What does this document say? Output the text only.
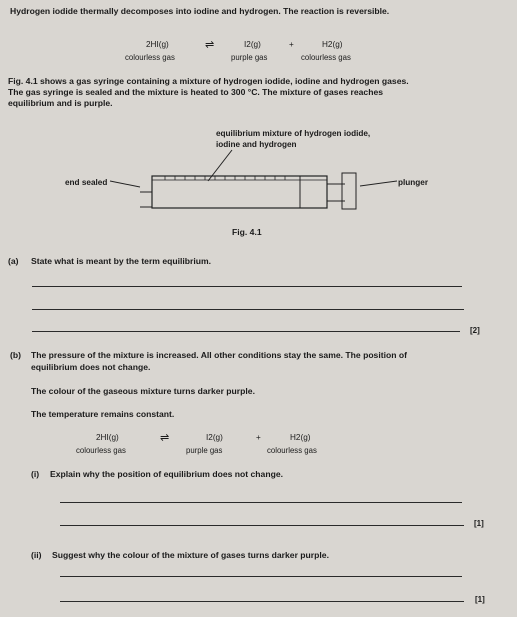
Hydrogen iodide thermally decomposes into iodine and hydrogen. The reaction is reversible.
2HI(g)	⇌	I2(g)	+	H2(g)
colourless gas	purple gas	colourless gas
Fig. 4.1 shows a gas syringe containing a mixture of hydrogen iodide, iodine and hydrogen gases.
The gas syringe is sealed and the mixture is heated to 300 °C. The mixture of gases reaches
equilibrium and is purple.
equilibrium mixture of hydrogen iodide,
iodine and hydrogen
end sealed	plunger
Fig. 4.1
(a) State what is meant by the term equilibrium.
[2]
(b) The pressure of the mixture is increased. All other conditions stay the same. The position of
equilibrium does not change.
The colour of the gaseous mixture turns darker purple.
The temperature remains constant.
2HI(g)	⇌	I2(g)	+	H2(g)
colourless gas	purple gas	colourless gas
(i) Explain why the position of equilibrium does not change.
[1]
(ii) Suggest why the colour of the mixture of gases turns darker purple.
[1]
